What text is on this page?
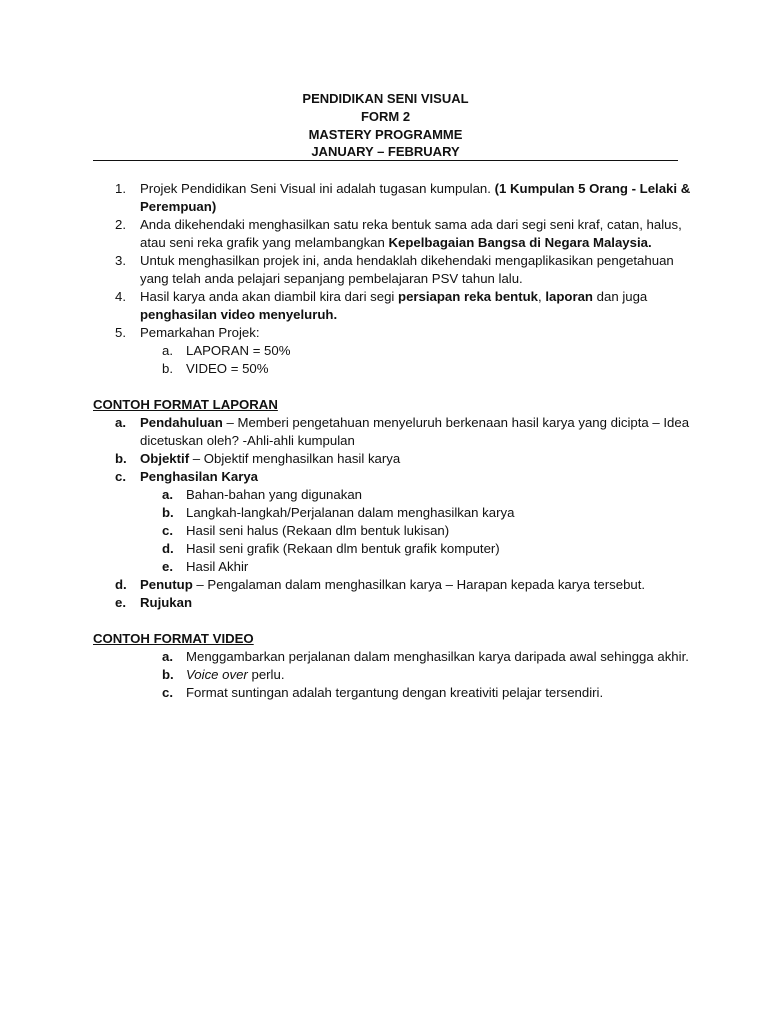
PENDIDIKAN SENI VISUAL
FORM 2
MASTERY PROGRAMME
JANUARY – FEBRUARY
1. Projek Pendidikan Seni Visual ini adalah tugasan kumpulan. (1 Kumpulan 5 Orang - Lelaki & Perempuan)
2. Anda dikehendaki menghasilkan satu reka bentuk sama ada dari segi seni kraf, catan, halus, atau seni reka grafik yang melambangkan Kepelbagaian Bangsa di Negara Malaysia.
3. Untuk menghasilkan projek ini, anda hendaklah dikehendaki mengaplikasikan pengetahuan yang telah anda pelajari sepanjang pembelajaran PSV tahun lalu.
4. Hasil karya anda akan diambil kira dari segi persiapan reka bentuk, laporan dan juga penghasilan video menyeluruh.
5. Pemarkahan Projek:
a. LAPORAN = 50%
b. VIDEO = 50%
CONTOH FORMAT LAPORAN
a. Pendahuluan – Memberi pengetahuan menyeluruh berkenaan hasil karya yang dicipta – Idea dicetuskan oleh? -Ahli-ahli kumpulan
b. Objektif – Objektif menghasilkan hasil karya
c. Penghasilan Karya
a. Bahan-bahan yang digunakan
b. Langkah-langkah/Perjalanan dalam menghasilkan karya
c. Hasil seni halus (Rekaan dlm bentuk lukisan)
d. Hasil seni grafik (Rekaan dlm bentuk grafik komputer)
e. Hasil Akhir
d. Penutup – Pengalaman dalam menghasilkan karya – Harapan kepada karya tersebut.
e. Rujukan
CONTOH FORMAT VIDEO
a. Menggambarkan perjalanan dalam menghasilkan karya daripada awal sehingga akhir.
b. Voice over perlu.
c. Format suntingan adalah tergantung dengan kreativiti pelajar tersendiri.
